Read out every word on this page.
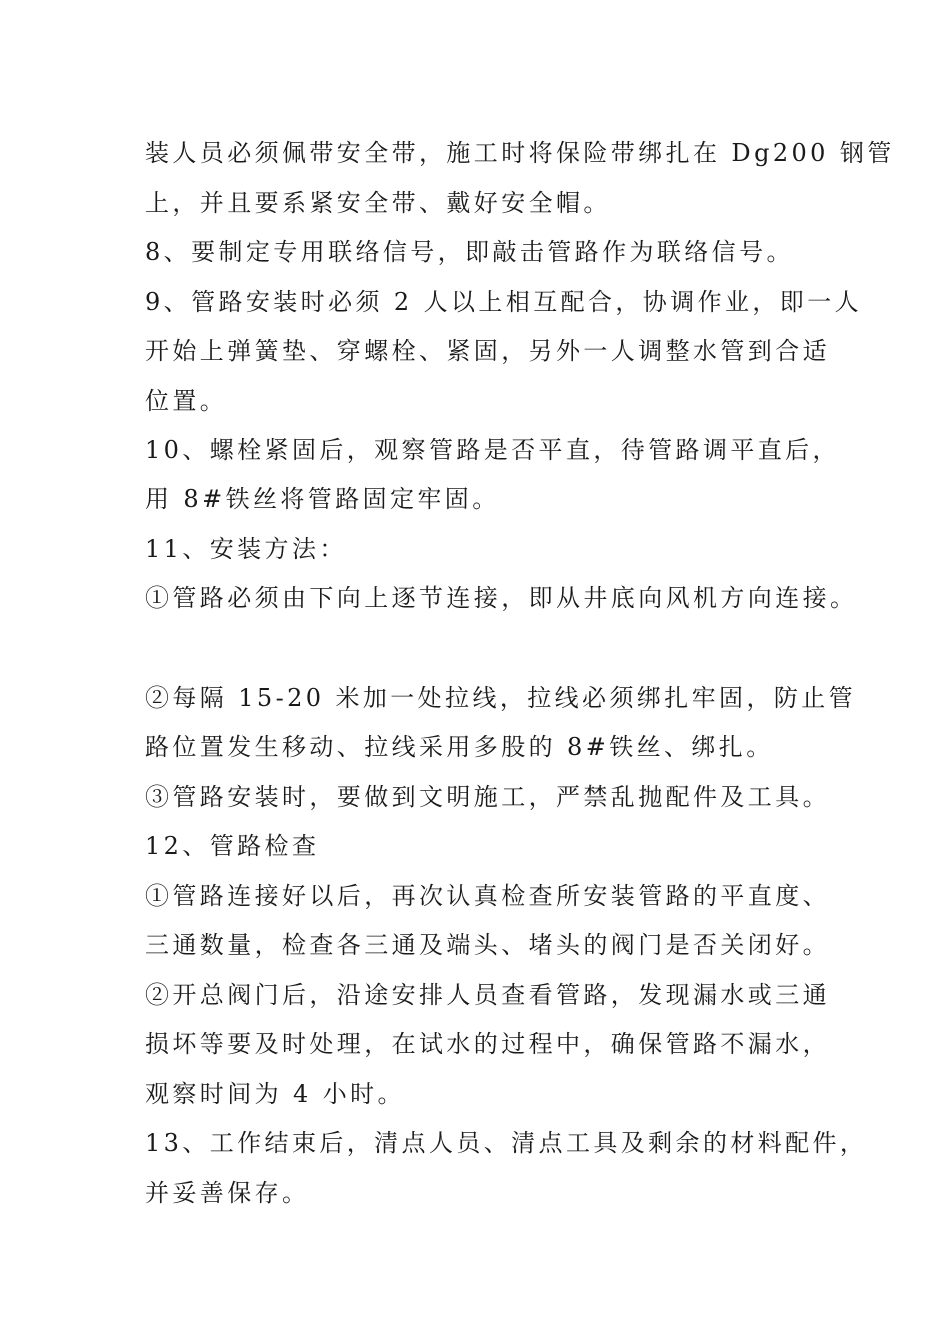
装人员必须佩带安全带，施工时将保险带绑扎在 Dg200 钢管
上，并且要系紧安全带、戴好安全帽。
8、要制定专用联络信号，即敲击管路作为联络信号。
9、管路安装时必须 2 人以上相互配合，协调作业，即一人
开始上弹簧垫、穿螺栓、紧固，另外一人调整水管到合适
位置。
10、螺栓紧固后，观察管路是否平直，待管路调平直后，
用 8#铁丝将管路固定牢固。
11、安装方法：
①管路必须由下向上逐节连接，即从井底向风机方向连接。
②每隔 15-20 米加一处拉线，拉线必须绑扎牢固，防止管
路位置发生移动、拉线采用多股的 8#铁丝、绑扎。
③管路安装时，要做到文明施工，严禁乱抛配件及工具。
12、管路检查
①管路连接好以后，再次认真检查所安装管路的平直度、
三通数量，检查各三通及端头、堵头的阀门是否关闭好。
②开总阀门后，沿途安排人员查看管路，发现漏水或三通
损坏等要及时处理，在试水的过程中，确保管路不漏水，
观察时间为 4 小时。
13、工作结束后，清点人员、清点工具及剩余的材料配件，
并妥善保存。
